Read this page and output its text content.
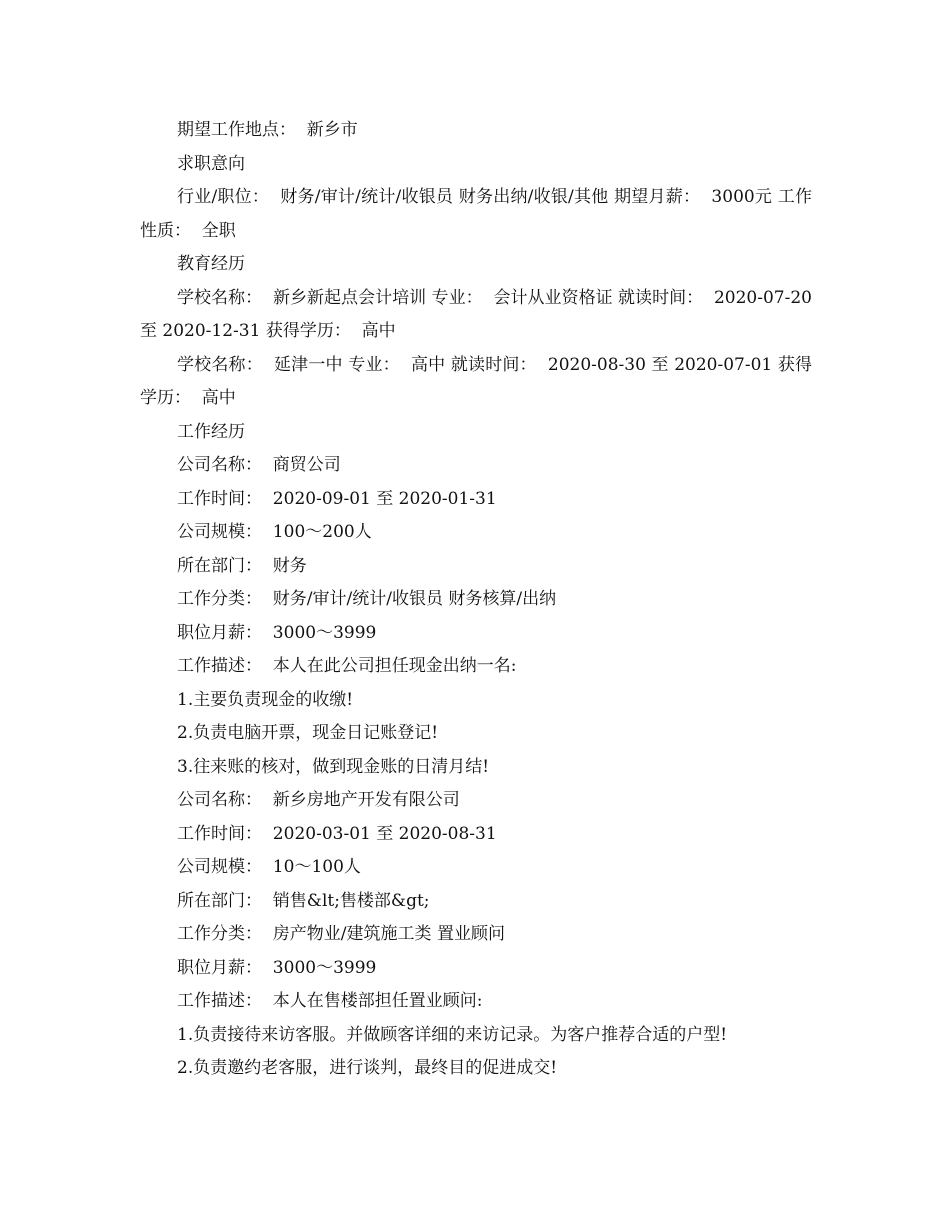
期望工作地点：  新乡市

求职意向

行业/职位：  财务/审计/统计/收银员 财务出纳/收银/其他 期望月薪：  3000元 工作性质：  全职

教育经历

学校名称：  新乡新起点会计培训 专业：  会计从业资格证 就读时间：  2020-07-20 至 2020-12-31 获得学历：  高中

学校名称：  延津一中 专业：  高中 就读时间：  2020-08-30 至 2020-07-01 获得学历：  高中

工作经历

公司名称：  商贸公司

工作时间：  2020-09-01 至 2020-01-31

公司规模：  100～200人

所在部门：  财务

工作分类：  财务/审计/统计/收银员 财务核算/出纳

职位月薪：  3000～3999

工作描述：  本人在此公司担任现金出纳一名:

1.主要负责现金的收缴!

2.负责电脑开票，现金日记账登记!

3.往来账的核对，做到现金账的日清月结!

公司名称：  新乡房地产开发有限公司

工作时间：  2020-03-01 至 2020-08-31

公司规模：  10～100人

所在部门：  销售&lt;售楼部&gt;

工作分类：  房产物业/建筑施工类 置业顾问

职位月薪：  3000～3999

工作描述：  本人在售楼部担任置业顾问:

1.负责接待来访客服。并做顾客详细的来访记录。为客户推荐合适的户型!

2.负责邀约老客服，进行谈判，最终目的促进成交!
